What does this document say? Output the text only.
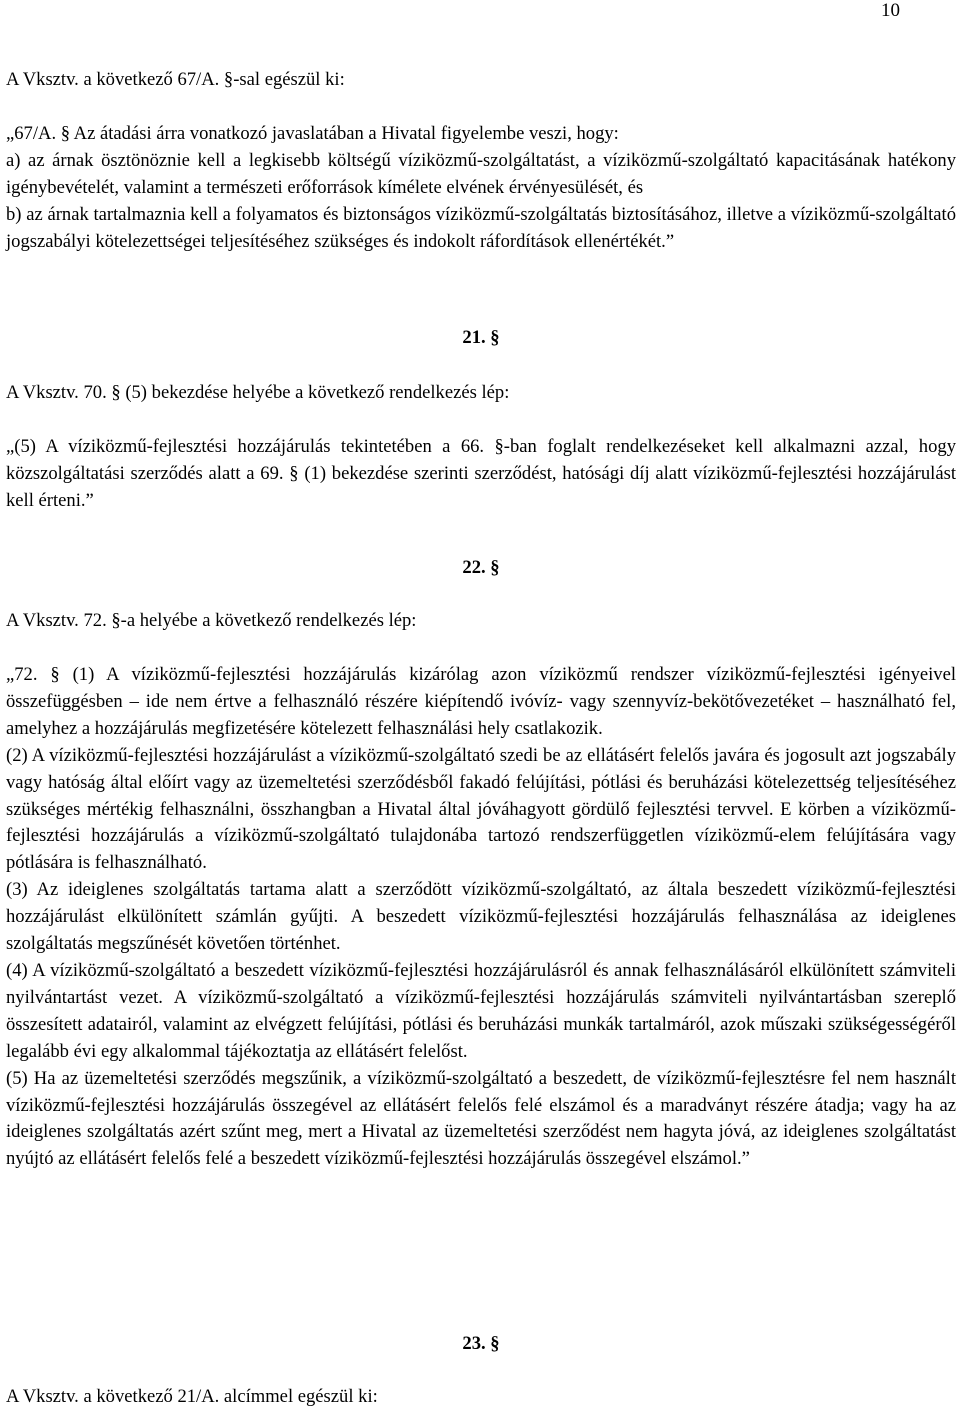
10

A Vksztv. a következő 67/A. §-sal egészül ki:

„67/A. § Az átadási árra vonatkozó javaslatában a Hivatal figyelembe veszi, hogy:

a) az árnak ösztönöznie kell a legkisebb költségű víziközmű-szolgáltatást, a víziközmű-szolgáltató kapacitásának hatékony igénybevételét, valamint a természeti erőforrások kímélete elvének érvényesülését, és

b) az árnak tartalmaznia kell a folyamatos és biztonságos víziközmű-szolgáltatás biztosításához, illetve a víziközmű-szolgáltató jogszabályi kötelezettségei teljesítéséhez szükséges és indokolt ráfordítások ellenértékét.”

21. §

A Vksztv. 70. § (5) bekezdése helyébe a következő rendelkezés lép:

„(5) A víziközmű-fejlesztési hozzájárulás tekintetében a 66. §-ban foglalt rendelkezéseket kell alkalmazni azzal, hogy közszolgáltatási szerződés alatt a 69. § (1) bekezdése szerinti szerződést, hatósági díj alatt víziközmű-fejlesztési hozzájárulást kell érteni.”

22. §

A Vksztv. 72. §-a helyébe a következő rendelkezés lép:

„72. § (1) A víziközmű-fejlesztési hozzájárulás kizárólag azon víziközmű rendszer víziközmű-fejlesztési igényeivel összefüggésben – ide nem értve a felhasználó részére kiépítendő ivóvíz- vagy szennyvíz-bekötővezetéket – használható fel, amelyhez a hozzájárulás megfizetésére kötelezett felhasználási hely csatlakozik.

(2) A víziközmű-fejlesztési hozzájárulást a víziközmű-szolgáltató szedi be az ellátásért felelős javára és jogosult azt jogszabály vagy hatóság által előírt vagy az üzemeltetési szerződésből fakadó felújítási, pótlási és beruházási kötelezettség teljesítéséhez szükséges mértékig felhasználni, összhangban a Hivatal által jóváhagyott gördülő fejlesztési tervvel. E körben a víziközmű-fejlesztési hozzájárulás a víziközmű-szolgáltató tulajdonába tartozó rendszerfüggetlen víziközmű-elem felújítására vagy pótlására is felhasználható.

(3) Az ideiglenes szolgáltatás tartama alatt a szerződött víziközmű-szolgáltató, az általa beszedett víziközmű-fejlesztési hozzájárulást elkülönített számlán gyűjti. A beszedett víziközmű-fejlesztési hozzájárulás felhasználása az ideiglenes szolgáltatás megszűnését követően történhet.

(4) A víziközmű-szolgáltató a beszedett víziközmű-fejlesztési hozzájárulásról és annak felhasználásáról elkülönített számviteli nyilvántartást vezet. A víziközmű-szolgáltató a víziközmű-fejlesztési hozzájárulás számviteli nyilvántartásban szereplő összesített adatairól, valamint az elvégzett felújítási, pótlási és beruházási munkák tartalmáról, azok műszaki szükségességéről legalább évi egy alkalommal tájékoztatja az ellátásért felelőst.

(5) Ha az üzemeltetési szerződés megszűnik, a víziközmű-szolgáltató a beszedett, de víziközmű-fejlesztésre fel nem használt víziközmű-fejlesztési hozzájárulás összegével az ellátásért felelős felé elszámol és a maradványt részére átadja; vagy ha az ideiglenes szolgáltatás azért szűnt meg, mert a Hivatal az üzemeltetési szerződést nem hagyta jóvá, az ideiglenes szolgáltatást nyújtó az ellátásért felelős felé a beszedett víziközmű-fejlesztési hozzájárulás összegével elszámol.”

23. §

A Vksztv. a következő 21/A. alcímmel egészül ki:
